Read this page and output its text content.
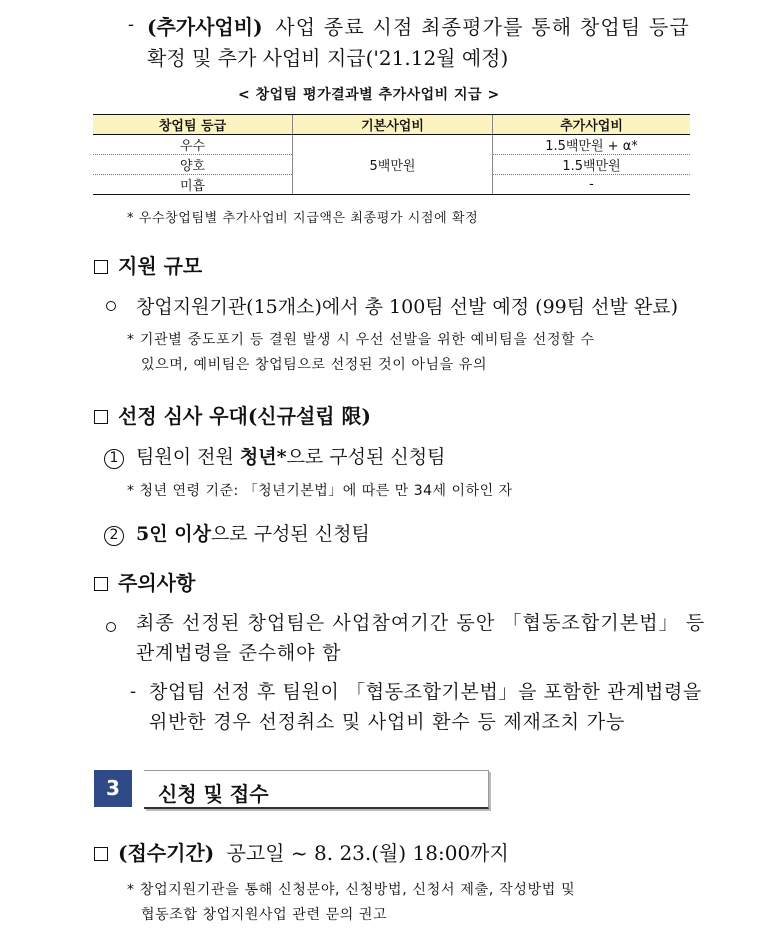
- (추가사업비) 사업 종료 시점 최종평가를 통해 창업팀 등급
확정 및 추가 사업비 지급('21.12월 예정)
< 창업팀 평가결과별 추가사업비 지급 >
창업팀 등급	기본사업비	추가사업비
우수	5백만원	1.5백만원 + α*
양호		1.5백만원
미흡		-
* 우수창업팀별 추가사업비 지급액은 최종평가 시점에 확정
지원 규모
창업지원기관(15개소)에서 총 100팀 선발 예정 (99팀 선발 완료)
* 기관별 중도포기 등 결원 발생 시 우선 선발을 위한 예비팀을 선정할 수
있으며, 예비팀은 창업팀으로 선정된 것이 아님을 유의
선정 심사 우대(신규설립 限)
1 팀원이 전원 청년*으로 구성된 신청팀
* 청년 연령 기준: 「청년기본법」에 따른 만 34세 이하인 자
2 5인 이상으로 구성된 신청팀
주의사항
최종 선정된 창업팀은 사업참여기간 동안 「협동조합기본법」 등
관계법령을 준수해야 함
- 창업팀 선정 후 팀원이 「협동조합기본법」을 포함한 관계법령을
위반한 경우 선정취소 및 사업비 환수 등 제재조치 가능
3	신청 및 접수
(접수기간) 공고일 ~ 8. 23.(월) 18:00까지
* 창업지원기관을 통해 신청분야, 신청방법, 신청서 제출, 작성방법 및
협동조합 창업지원사업 관련 문의 권고
